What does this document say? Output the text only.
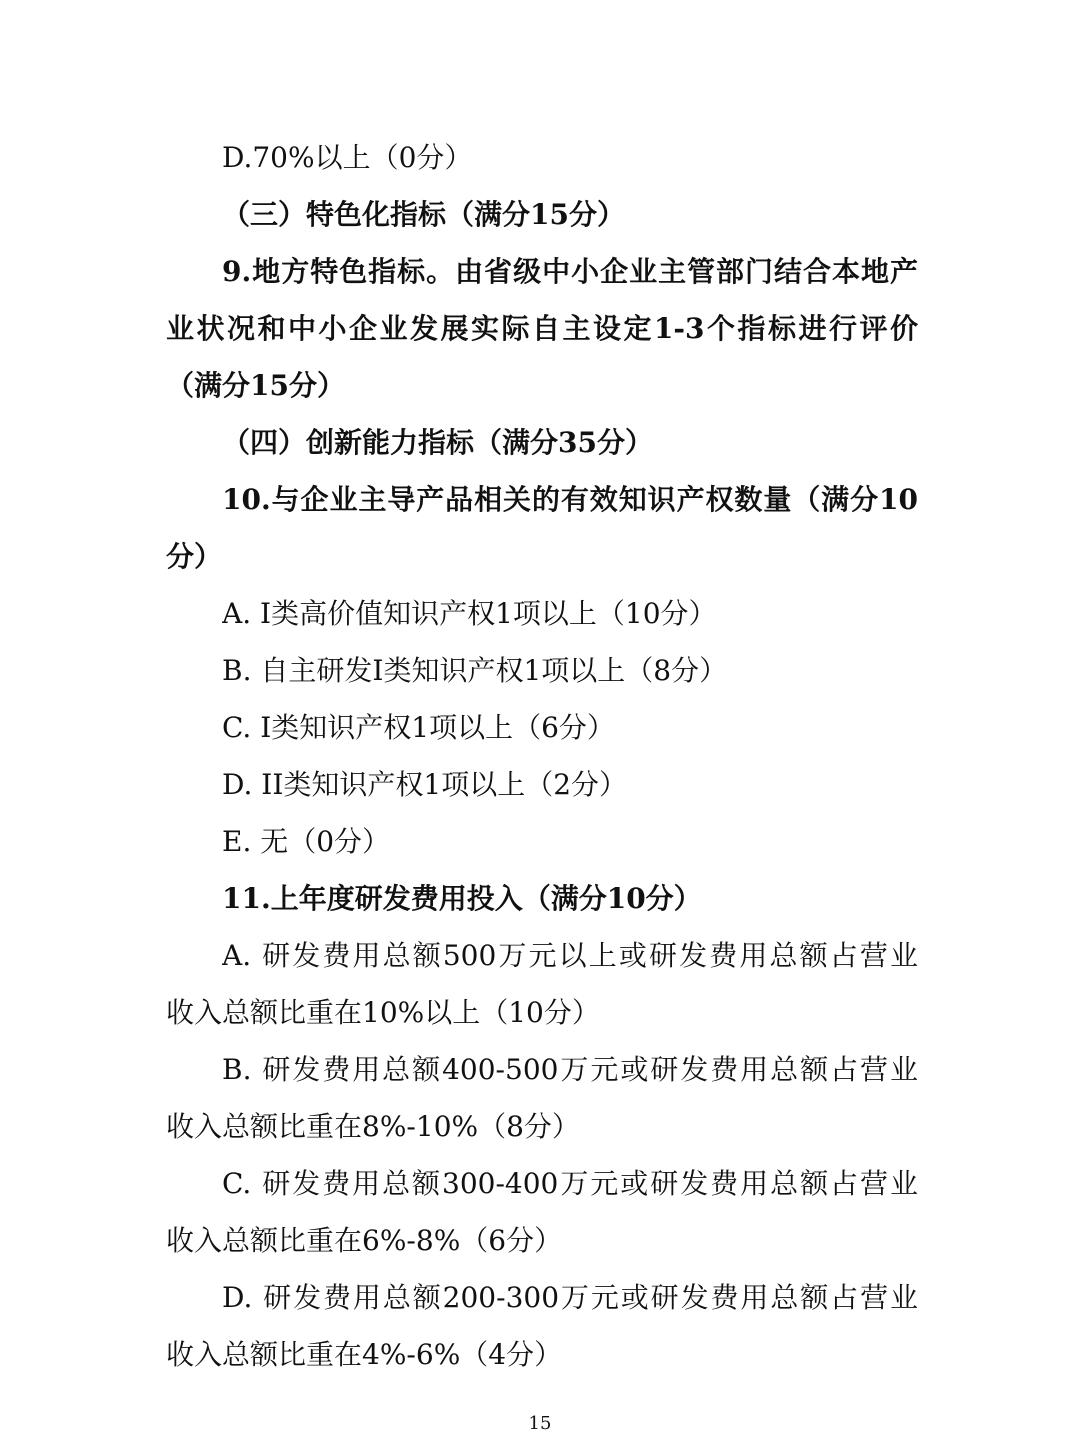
D.70%以上（0分）
（三）特色化指标（满分15分）
9.地方特色指标。由省级中小企业主管部门结合本地产
业状况和中小企业发展实际自主设定1-3个指标进行评价
（满分15分）
（四）创新能力指标（满分35分）
10.与企业主导产品相关的有效知识产权数量（满分10
分）
A. I类高价值知识产权1项以上（10分）
B. 自主研发I类知识产权1项以上（8分）
C. I类知识产权1项以上（6分）
D. II类知识产权1项以上（2分）
E. 无（0分）
11.上年度研发费用投入（满分10分）
A. 研发费用总额500万元以上或研发费用总额占营业
收入总额比重在10%以上（10分）
B. 研发费用总额400-500万元或研发费用总额占营业
收入总额比重在8%-10%（8分）
C. 研发费用总额300-400万元或研发费用总额占营业
收入总额比重在6%-8%（6分）
D. 研发费用总额200-300万元或研发费用总额占营业
收入总额比重在4%-6%（4分）
15
